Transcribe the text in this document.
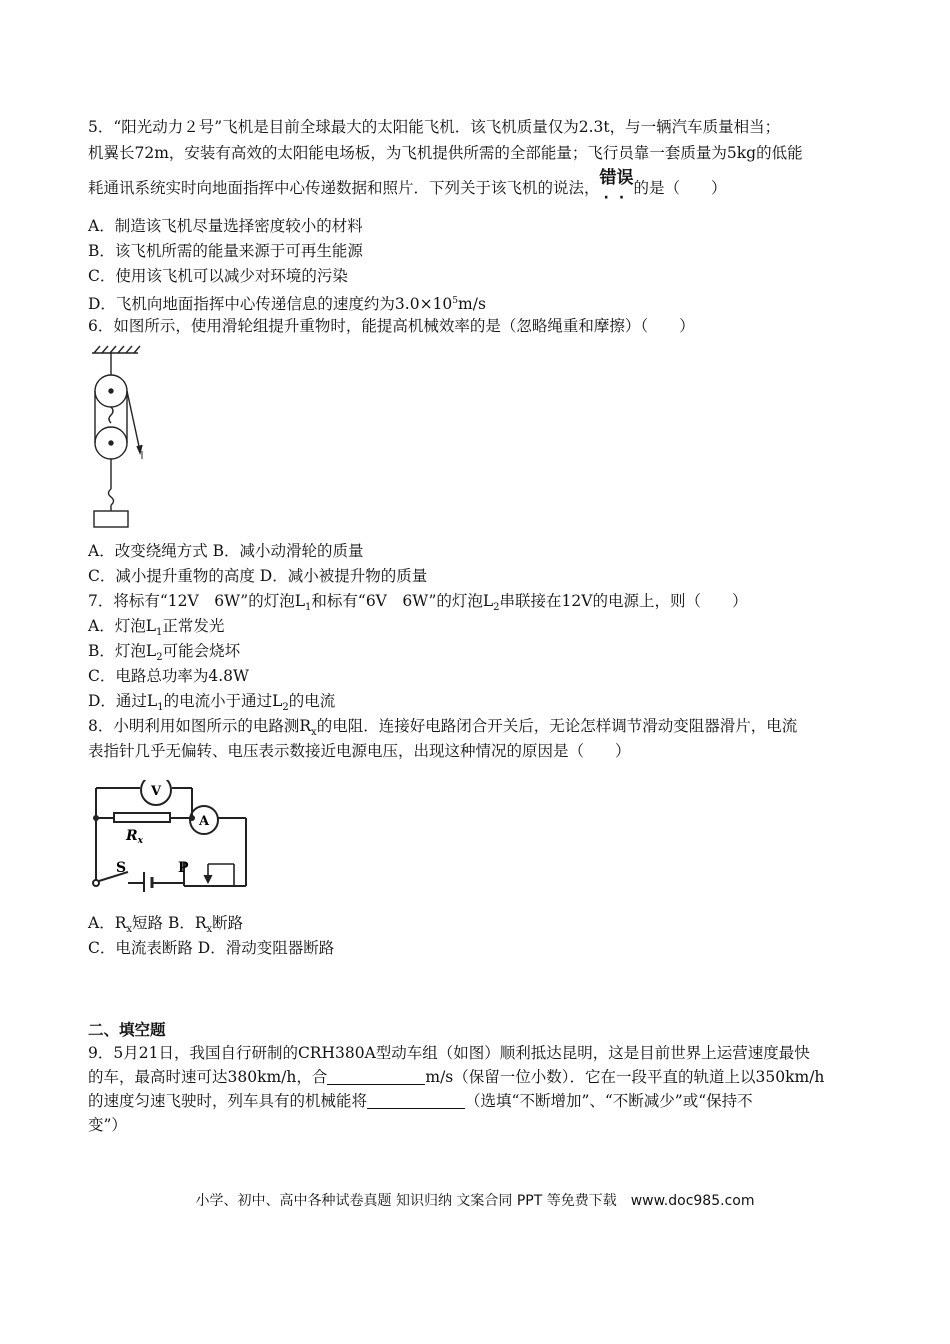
5．“阳光动力２号”飞机是目前全球最大的太阳能飞机．该飞机质量仅为2.3t，与一辆汽车质量相当；
机翼长72m，安装有高效的太阳能电场板，为飞机提供所需的全部能量；飞行员靠一套质量为5kg的低能
耗通讯系统实时向地面指挥中心传递数据和照片．下列关于该飞机的说法，错误
··
的是（　　）
A．制造该飞机尽量选择密度较小的材料
B．该飞机所需的能量来源于可再生能源
C．使用该飞机可以减少对环境的污染
D．飞机向地面指挥中心传递信息的速度约为$3.0\times 10^5m/s$
6．如图所示，使用滑轮组提升重物时，能提高机械效率的是（忽略绳重和摩擦）（　　）
A．改变绕绳方式 B．减小动滑轮的质量
C．减小提升重物的高度 D．减小被提升物的质量
7．将标有“12V　6W”的灯泡$L_1$和标有“6V　6W”的灯泡$L_2$串联接在12V的电源上，则（　　）
A．灯泡$L_1$正常发光
B．灯泡$L_2$可能会烧坏
C．电路总功率为4.8W
D．通过$L_1$的电流小于通过$L_2$的电流
8．小明利用如图所示的电路测$R_x$的电阻．连接好电路闭合开关后，无论怎样调节滑动变阻器滑片，电流
表指针几乎无偏转、电压表示数接近电源电压，出现这种情况的原因是（　　）
V
A
$R_x$
S	P
A．$R_x$短路 B．$R_x$断路
C．电流表断路 D．滑动变阻器断路
二、填空题
9．5月21日，我国自行研制的CRH380A型动车组（如图）顺利抵达昆明，这是目前世界上运营速度最快
的车，最高时速可达380km/h，合	m/s（保留一位小数）．它在一段平直的轨道上以350km/h
的速度匀速飞驶时，列车具有的机械能将	（选填“不断增加”、“不断减少”或“保持不
变”）
小学、初中、高中各种试卷真题 知识归纳 文案合同 PPT 等免费下载　www.doc985.com
